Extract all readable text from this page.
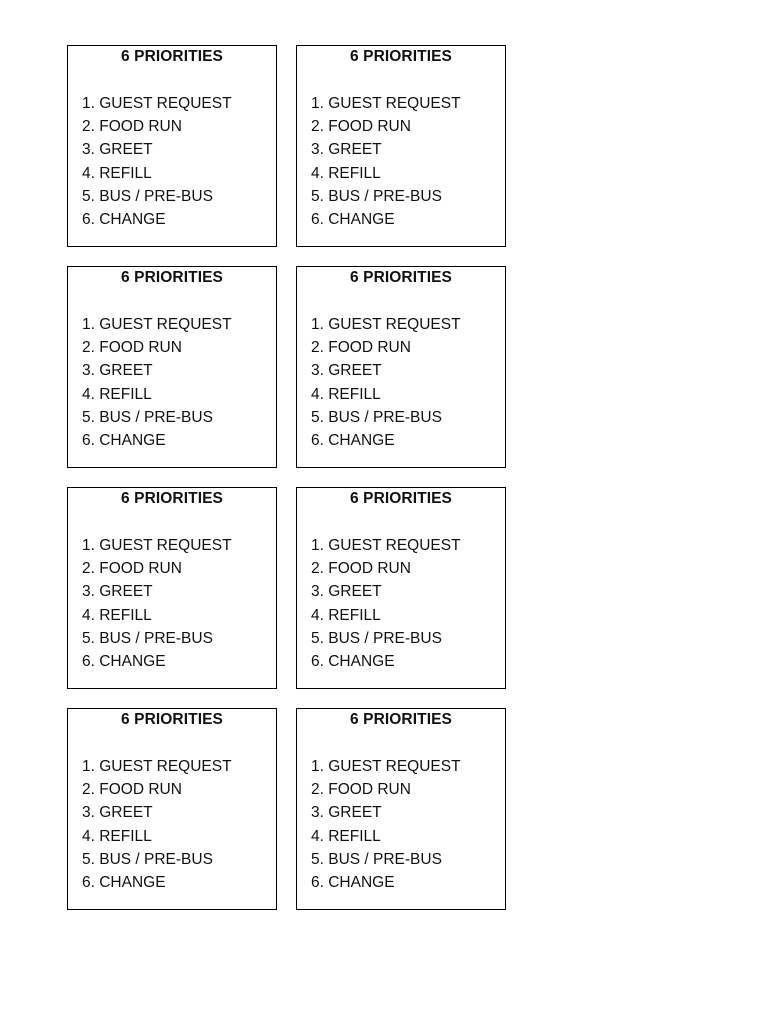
6 PRIORITIES
1. GUEST REQUEST
2. FOOD RUN
3. GREET
4. REFILL
5. BUS / PRE-BUS
6. CHANGE
6 PRIORITIES
1. GUEST REQUEST
2. FOOD RUN
3. GREET
4. REFILL
5. BUS / PRE-BUS
6. CHANGE
6 PRIORITIES
1. GUEST REQUEST
2. FOOD RUN
3. GREET
4. REFILL
5. BUS / PRE-BUS
6. CHANGE
6 PRIORITIES
1. GUEST REQUEST
2. FOOD RUN
3. GREET
4. REFILL
5. BUS / PRE-BUS
6. CHANGE
6 PRIORITIES
1. GUEST REQUEST
2. FOOD RUN
3. GREET
4. REFILL
5. BUS / PRE-BUS
6. CHANGE
6 PRIORITIES
1. GUEST REQUEST
2. FOOD RUN
3. GREET
4. REFILL
5. BUS / PRE-BUS
6. CHANGE
6 PRIORITIES
1. GUEST REQUEST
2. FOOD RUN
3. GREET
4. REFILL
5. BUS / PRE-BUS
6. CHANGE
6 PRIORITIES
1. GUEST REQUEST
2. FOOD RUN
3. GREET
4. REFILL
5. BUS / PRE-BUS
6. CHANGE
